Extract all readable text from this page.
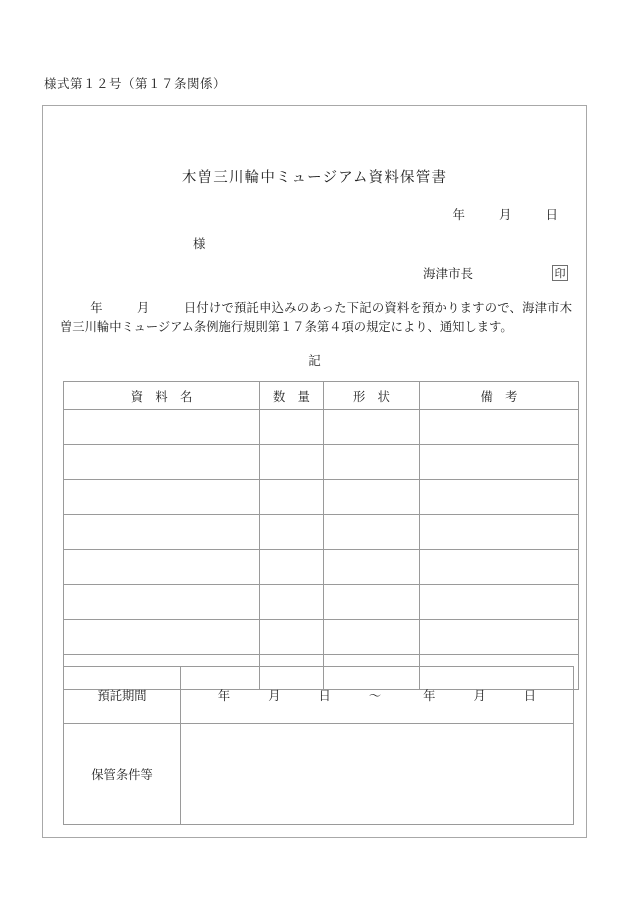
様式第１２号（第１７条関係）
木曽三川輪中ミュージアム資料保管書
年	月	日
様
海津市長	印
年	月	日付けで預託申込みのあった下記の資料を預かりますので、海津市木曽三川輪中ミュージアム条例施行規則第１７条第４項の規定により、通知します。
記
資　料　名	数　量	形　状	備　考

預託期間	年 月 日 ～ 年 月 日
保管条件等	
